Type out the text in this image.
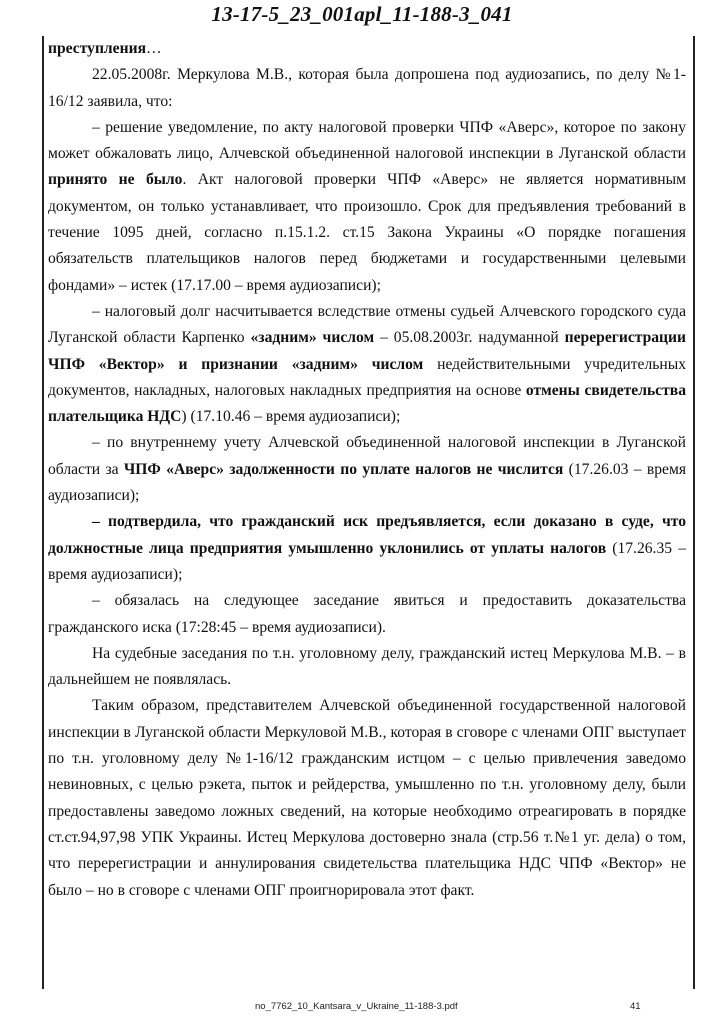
13-17-5_23_001apl_11-188-3_041

преступления…

22.05.2008г. Меркулова М.В., которая была допрошена под аудиозапись, по делу №1-16/12 заявила, что:

– решение уведомление, по акту налоговой проверки ЧПФ «Аверс», которое по закону может обжаловать лицо, Алчевской объединенной налоговой инспекции в Луганской области принято не было. Акт налоговой проверки ЧПФ «Аверс» не является нормативным документом, он только устанавливает, что произошло. Срок для предъявления требований в течение 1095 дней, согласно п.15.1.2. ст.15 Закона Украины «О порядке погашения обязательств плательщиков налогов перед бюджетами и государственными целевыми фондами» – истек (17.17.00 – время аудиозаписи);

– налоговый долг насчитывается вследствие отмены судьей Алчевского городского суда Луганской области Карпенко «задним» числом – 05.08.2003г. надуманной перерегистрации ЧПФ «Вектор» и признании «задним» числом недействительными учредительных документов, накладных, налоговых накладных предприятия на основе отмены свидетельства плательщика НДС) (17.10.46 – время аудиозаписи);

– по внутреннему учету Алчевской объединенной налоговой инспекции в Луганской области за ЧПФ «Аверс» задолженности по уплате налогов не числится (17.26.03 – время аудиозаписи);

– подтвердила, что гражданский иск предъявляется, если доказано в суде, что должностные лица предприятия умышленно уклонились от уплаты налогов (17.26.35 – время аудиозаписи);

– обязалась на следующее заседание явиться и предоставить доказательства гражданского иска (17:28:45 – время аудиозаписи).

На судебные заседания по т.н. уголовному делу, гражданский истец Меркулова М.В. – в дальнейшем не появлялась.

Таким образом, представителем Алчевской объединенной государственной налоговой инспекции в Луганской области Меркуловой М.В., которая в сговоре с членами ОПГ выступает по т.н. уголовному делу №1-16/12 гражданским истцом – с целью привлечения заведомо невиновных, с целью рэкета, пыток и рейдерства, умышленно по т.н. уголовному делу, были предоставлены заведомо ложных сведений, на которые необходимо отреагировать в порядке ст.ст.94,97,98 УПК Украины. Истец Меркулова достоверно знала (стр.56 т.№1 уг. дела) о том, что перерегистрации и аннулирования свидетельства плательщика НДС ЧПФ «Вектор» не было – но в сговоре с членами ОПГ проигнорировала этот факт.

no_7762_10_Kantsara_v_Ukraine_11-188-3.pdf	41
